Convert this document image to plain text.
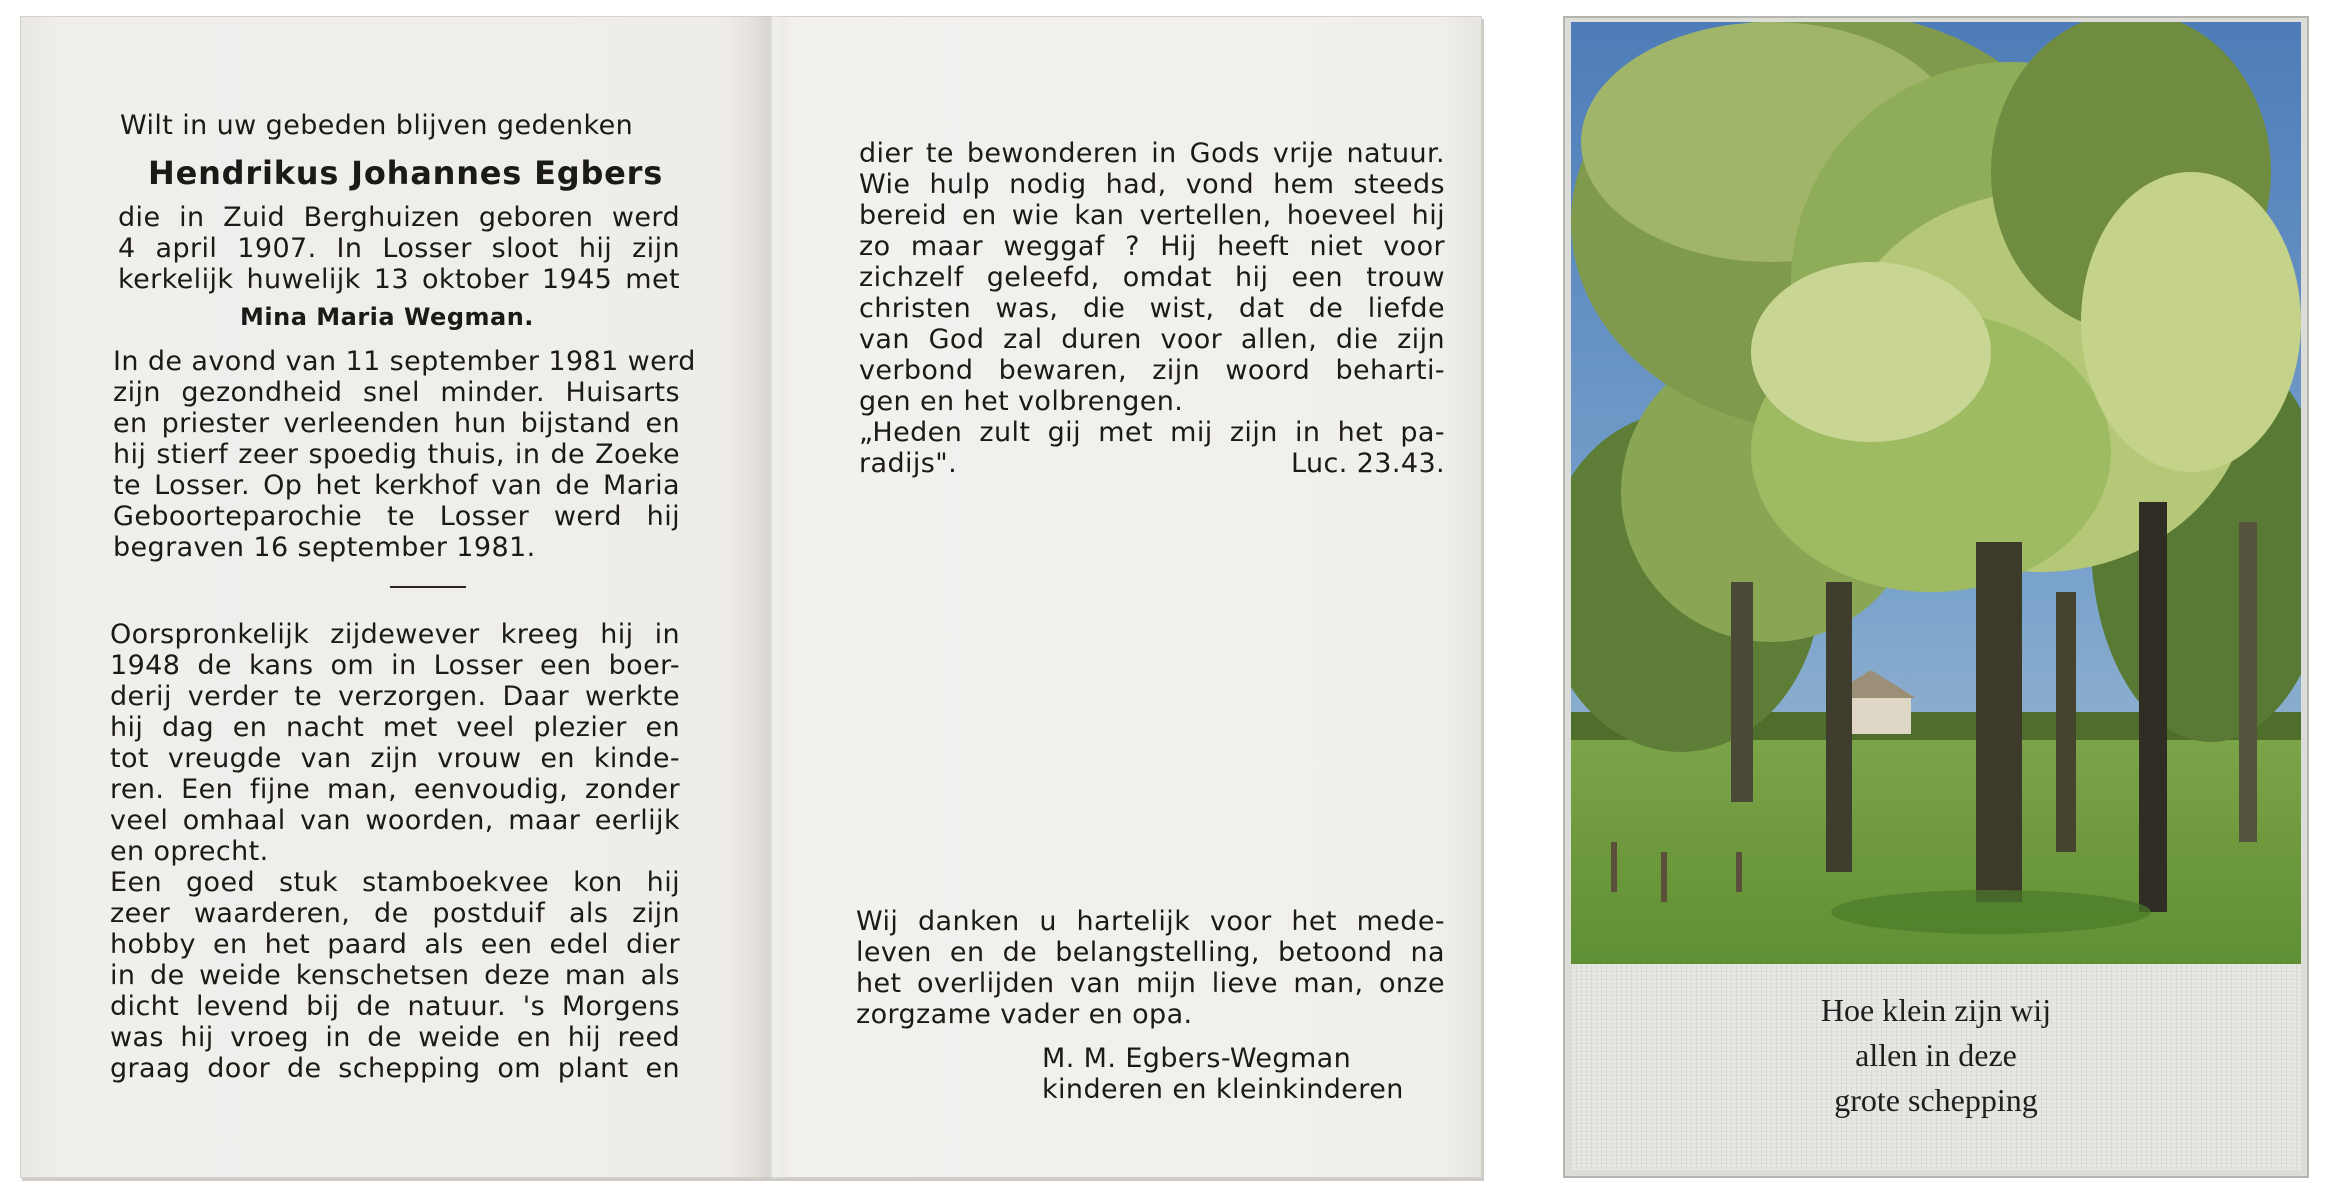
Wilt in uw gebeden blijven gedenken
Hendrikus Johannes Egbers
die in Zuid Berghuizen geboren werd
4 april 1907. In Losser sloot hij zijn
kerkelijk huwelijk 13 oktober 1945 met
Mina Maria Wegman.
In de avond van 11 september 1981 werd
zijn gezondheid snel minder. Huisarts
en priester verleenden hun bijstand en
hij stierf zeer spoedig thuis, in de Zoeke
te Losser. Op het kerkhof van de Maria
Geboorteparochie te Losser werd hij
begraven 16 september 1981.
Oorspronkelijk zijdewever kreeg hij in
1948 de kans om in Losser een boer-
derij verder te verzorgen. Daar werkte
hij dag en nacht met veel plezier en
tot vreugde van zijn vrouw en kinde-
ren. Een fijne man, eenvoudig, zonder
veel omhaal van woorden, maar eerlijk
en oprecht.
Een goed stuk stamboekvee kon hij
zeer waarderen, de postduif als zijn
hobby en het paard als een edel dier
in de weide kenschetsen deze man als
dicht levend bij de natuur. 's Morgens
was hij vroeg in de weide en hij reed
graag door de schepping om plant en
dier te bewonderen in Gods vrije natuur.
Wie hulp nodig had, vond hem steeds
bereid en wie kan vertellen, hoeveel hij
zo maar weggaf ? Hij heeft niet voor
zichzelf geleefd, omdat hij een trouw
christen was, die wist, dat de liefde
van God zal duren voor allen, die zijn
verbond bewaren, zijn woord beharti-
gen en het volbrengen.
„Heden zult gij met mij zijn in het pa-
radijs".	Luc. 23.43.
Wij danken u hartelijk voor het mede-
leven en de belangstelling, betoond na
het overlijden van mijn lieve man, onze
zorgzame vader en opa.
M. M. Egbers-Wegman
kinderen en kleinkinderen
Hoe klein zijn wij
allen in deze
grote schepping
